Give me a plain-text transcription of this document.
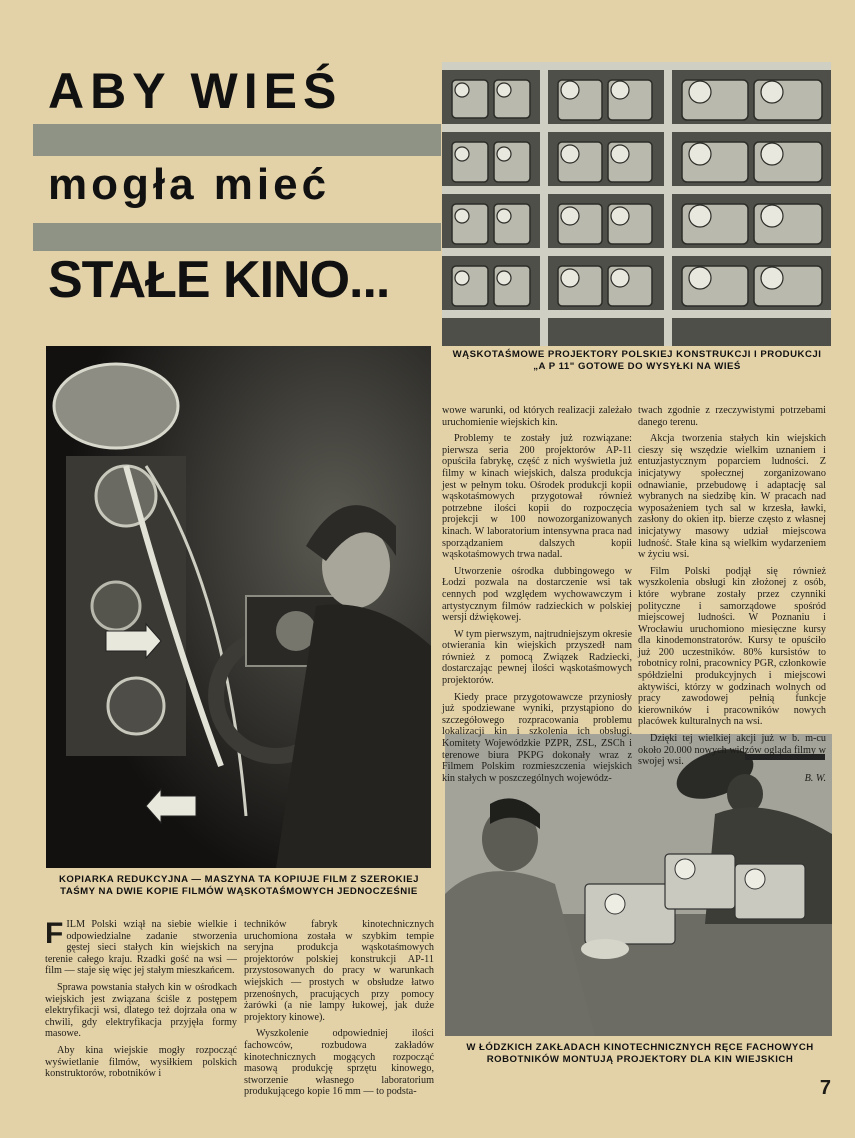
ABY WIEŚ
mogła mieć
STAŁE KINO...
WĄSKOTAŚMOWE PROJEKTORY POLSKIEJ KONSTRUKCJI I PRODUKCJI „A P 11" GOTOWE DO WYSYŁKI NA WIEŚ
KOPIARKA REDUKCYJNA — MASZYNA TA KOPIUJE FILM Z SZEROKIEJ TAŚMY NA DWIE KOPIE FILMÓW WĄSKOTAŚMOWYCH JEDNOCZEŚNIE
W ŁÓDZKICH ZAKŁADACH KINOTECHNICZNYCH RĘCE FACHOWYCH ROBOTNIKÓW MONTUJĄ PROJEKTORY DLA KIN WIEJSKICH

FILM Polski wziął na siebie wielkie i odpowiedzialne zadanie stworzenia gęstej sieci stałych kin wiejskich na terenie całego kraju. Rzadki gość na wsi — film — staje się więc jej stałym mieszkańcem.

Sprawa powstania stałych kin w ośrodkach wiejskich jest związana ściśle z postępem elektryfikacji wsi, dlatego też dojrzała ona w chwili, gdy elektryfikacja przyjęła formy masowe.

Aby kina wiejskie mogły rozpocząć wyświetlanie filmów, wysiłkiem polskich konstruktorów, robotników i

techników fabryk kinotechnicznych uruchomiona została w szybkim tempie seryjna produkcja wąskotaśmowych projektorów polskiej konstrukcji AP-11 przystosowanych do pracy w warunkach wiejskich — prostych w obsłudze łatwo przenośnych, pracujących przy pomocy żarówki (a nie lampy łukowej, jak duże projektory kinowe).

Wyszkolenie odpowiedniej ilości fachowców, rozbudowa zakładów kinotechnicznych mogących rozpocząć masową produkcję sprzętu kinowego, stworzenie własnego laboratorium produkującego kopie 16 mm — to podsta-

wowe warunki, od których realizacji zależało uruchomienie wiejskich kin.

Problemy te zostały już rozwiązane: pierwsza seria 200 projektorów AP-11 opuściła fabrykę, część z nich wyświetla już filmy w kinach wiejskich, dalsza produkcja jest w pełnym toku. Ośrodek produkcji kopii wąskotaśmowych przygotował również potrzebne ilości kopii do rozpoczęcia projekcji w 100 nowozorganizowanych kinach. W laboratorium intensywna praca nad sporządzaniem dalszych kopii wąskotaśmowych trwa nadal.

Utworzenie ośrodka dubbingowego w Łodzi pozwala na dostarczenie wsi tak cennych pod względem wychowawczym i artystycznym filmów radzieckich w polskiej wersji dźwiękowej.

W tym pierwszym, najtrudniejszym okresie otwierania kin wiejskich przyszedł nam również z pomocą Związek Radziecki, dostarczając pewnej ilości wąskotaśmowych projektorów.

Kiedy prace przygotowawcze przyniosły już spodziewane wyniki, przystąpiono do szczegółowego rozpracowania problemu lokalizacji kin i szkolenia ich obsługi. Komitety Wojewódzkie PZPR, ZSL, ZSCh i terenowe biura PKPG dokonały wraz z Filmem Polskim rozmieszczenia wiejskich kin stałych w poszczególnych wojewódz-

twach zgodnie z rzeczywistymi potrzebami danego terenu.

Akcja tworzenia stałych kin wiejskich cieszy się wszędzie wielkim uznaniem i entuzjastycznym poparciem ludności. Z inicjatywy społecznej zorganizowano odnawianie, przebudowę i adaptację sal wybranych na siedzibę kin. W pracach nad wyposażeniem tych sal w krzesła, ławki, zasłony do okien itp. bierze często z własnej inicjatywy masowy udział miejscowa ludność. Stałe kina są wielkim wydarzeniem w życiu wsi.

Film Polski podjął się również wyszkolenia obsługi kin złożonej z osób, które wybrane zostały przez czynniki polityczne i samorządowe spośród miejscowej ludności. W Poznaniu i Wrocławiu uruchomiono miesięczne kursy dla kinodemonstratorów. Kursy te opuściło już 200 uczestników. 80% kursistów to robotnicy rolni, pracownicy PGR, członkowie spółdzielni produkcyjnych i miejscowi aktywiści, którzy w godzinach wolnych od pracy zawodowej pełnią funkcje kierowników i pracowników nowych placówek kulturalnych na wsi.

Dzięki tej wielkiej akcji już w b. m-cu około 20.000 nowych widzów ogląda filmy w swojej wsi.

B. W.

7
